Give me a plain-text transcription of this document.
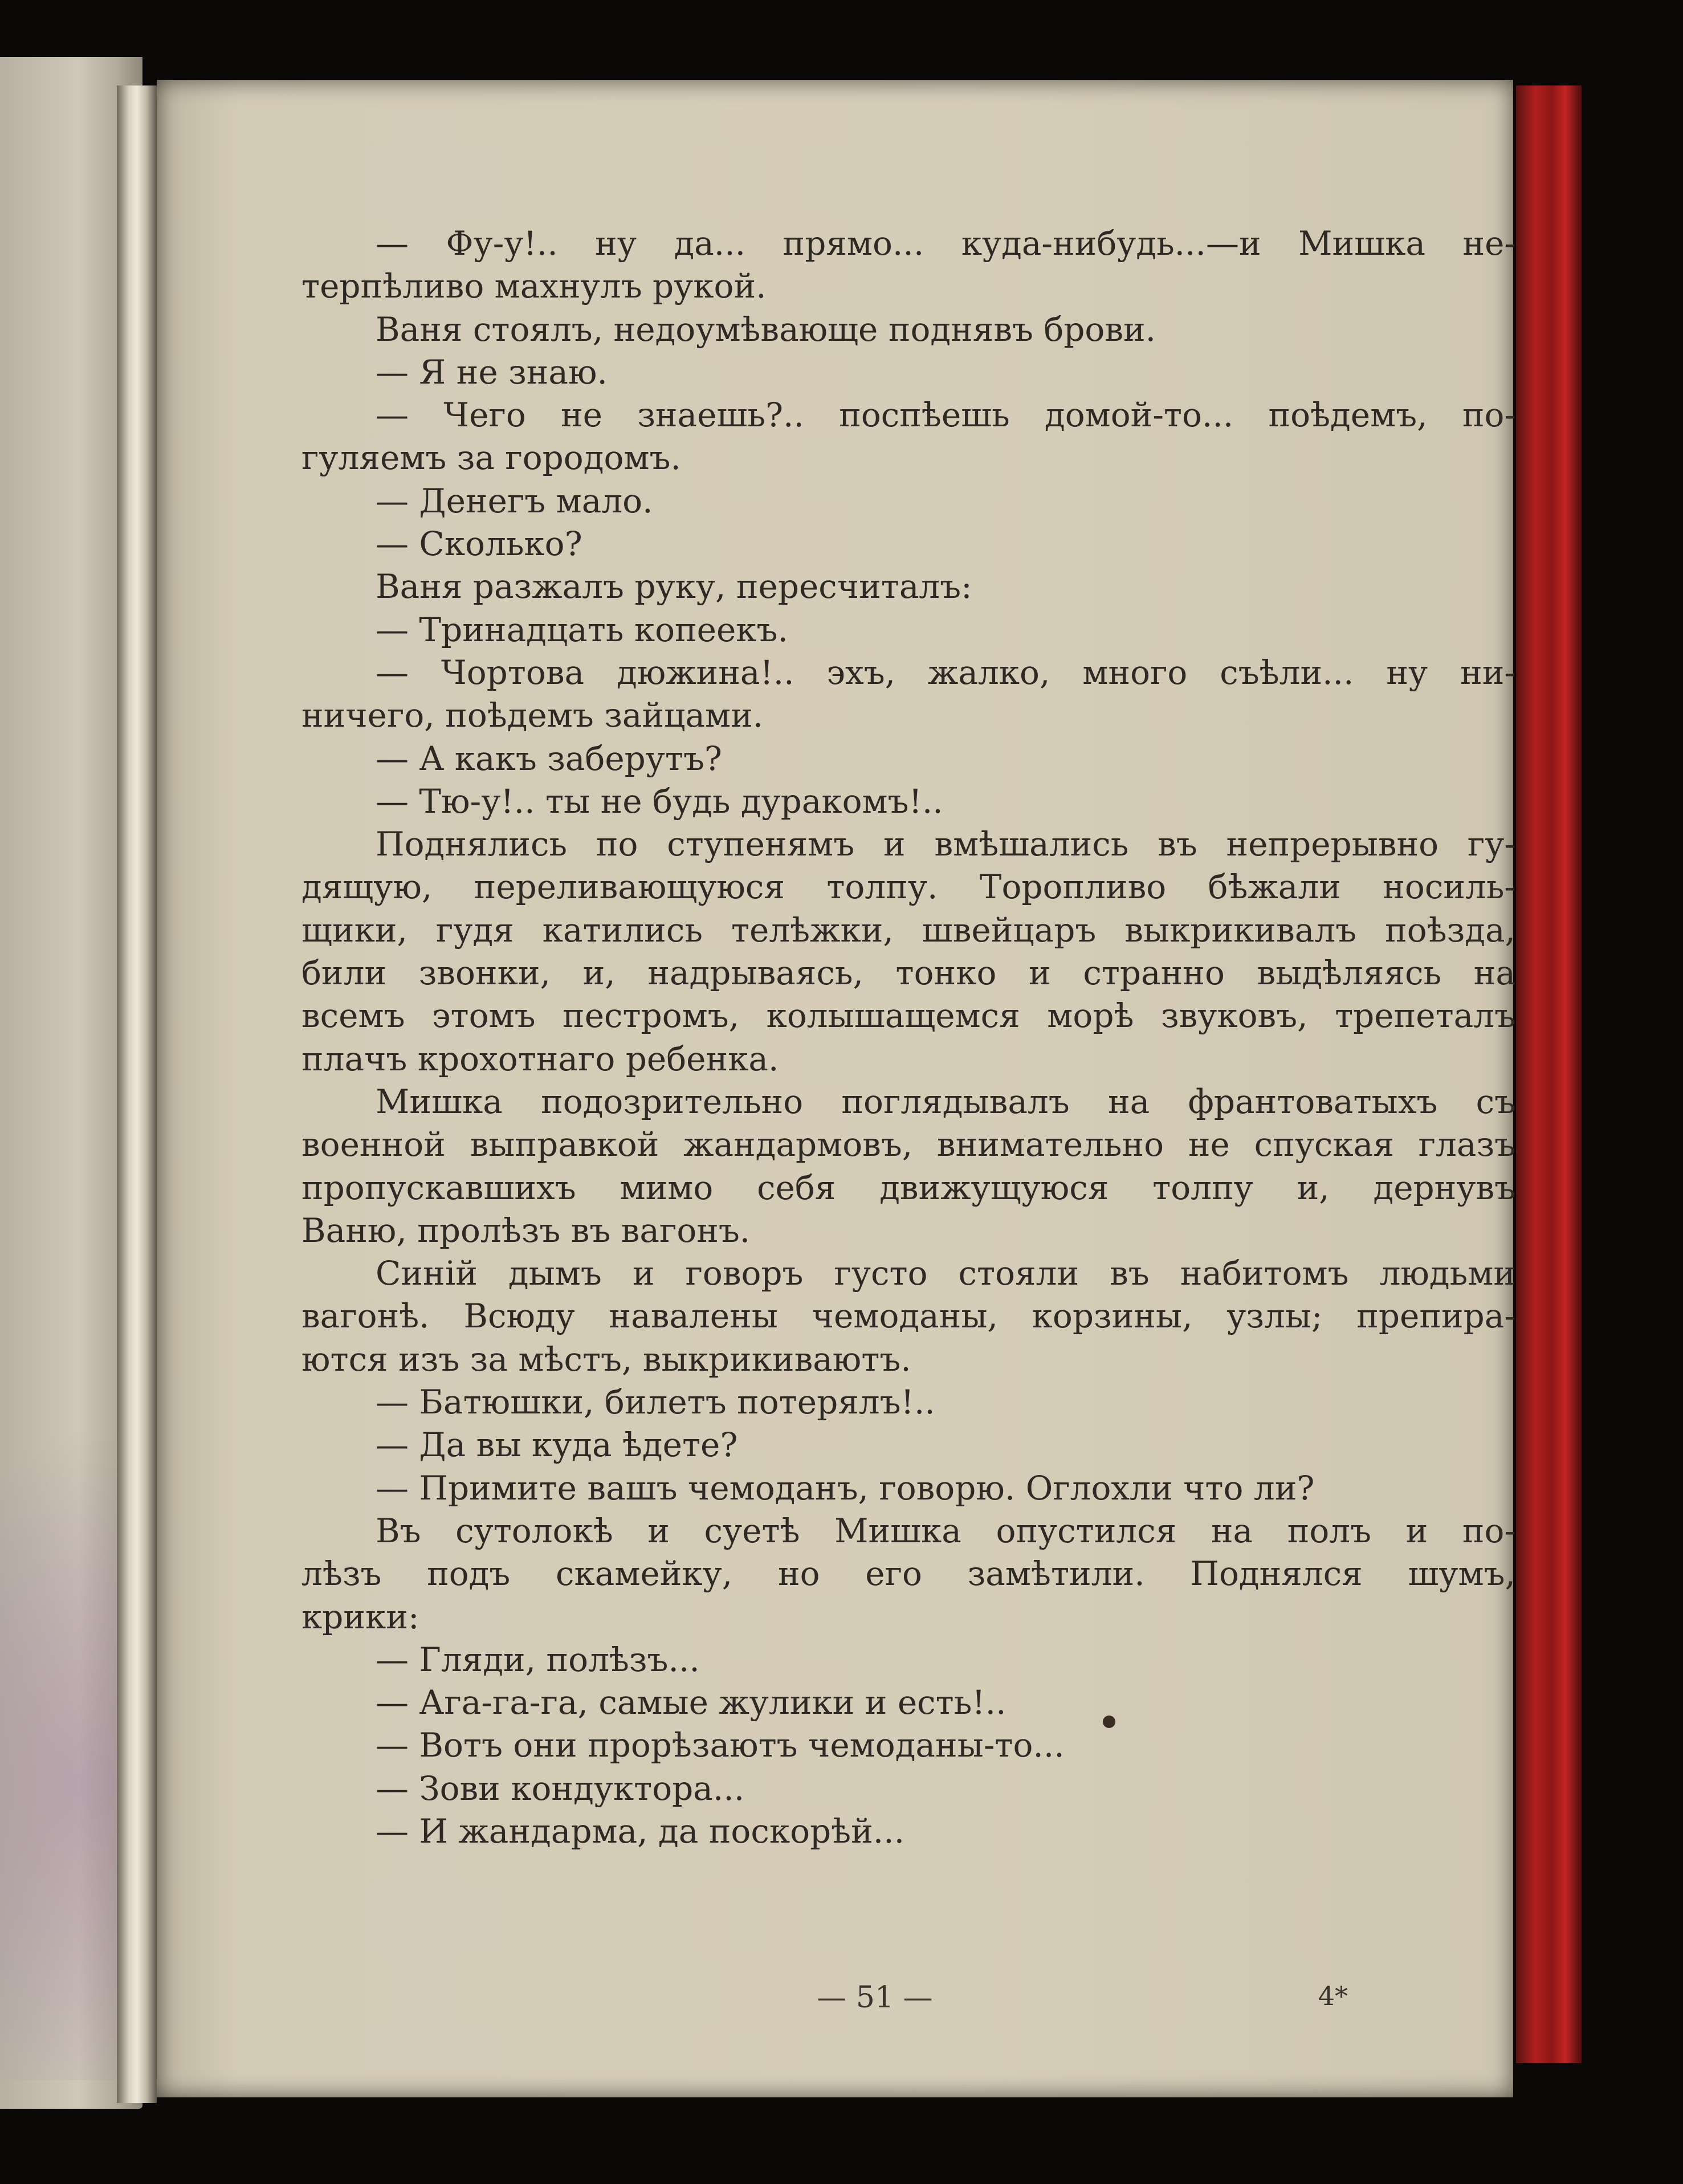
— Фу-у!.. ну да... прямо... куда-нибудь...—и Мишка не-
терпѣливо махнулъ рукой.
Ваня стоялъ, недоумѣвающе поднявъ брови.
— Я не знаю.
— Чего не знаешь?.. поспѣешь домой-то... поѣдемъ, по-
гуляемъ за городомъ.
— Денегъ мало.
— Сколько?
Ваня разжалъ руку, пересчиталъ:
— Тринадцать копеекъ.
— Чортова дюжина!.. эхъ, жалко, много съѣли... ну ни-
ничего, поѣдемъ зайцами.
— А какъ заберутъ?
— Тю-у!.. ты не будь дуракомъ!..
Поднялись по ступенямъ и вмѣшались въ непрерывно гу-
дящую, переливающуюся толпу. Торопливо бѣжали носиль-
щики, гудя катились телѣжки, швейцаръ выкрикивалъ поѣзда,
били звонки, и, надрываясь, тонко и странно выдѣляясь на
всемъ этомъ пестромъ, колышащемся морѣ звуковъ, трепеталъ
плачъ крохотнаго ребенка.
Мишка подозрительно поглядывалъ на франтоватыхъ съ
военной выправкой жандармовъ, внимательно не спуская глазъ
пропускавшихъ мимо себя движущуюся толпу и, дернувъ
Ваню, пролѣзъ въ вагонъ.
Синій дымъ и говоръ густо стояли въ набитомъ людьми
вагонѣ. Всюду навалены чемоданы, корзины, узлы; препира-
ются изъ за мѣстъ, выкрикиваютъ.
— Батюшки, билетъ потерялъ!..
— Да вы куда ѣдете?
— Примите вашъ чемоданъ, говорю. Оглохли что ли?
Въ сутолокѣ и суетѣ Мишка опустился на полъ и по-
лѣзъ подъ скамейку, но его замѣтили. Поднялся шумъ,
крики:
— Гляди, полѣзъ...
— Ага-га-га, самые жулики и есть!..
— Вотъ они прорѣзаютъ чемоданы-то...
— Зови кондуктора...
— И жандарма, да поскорѣй...
— 51 —	4*
